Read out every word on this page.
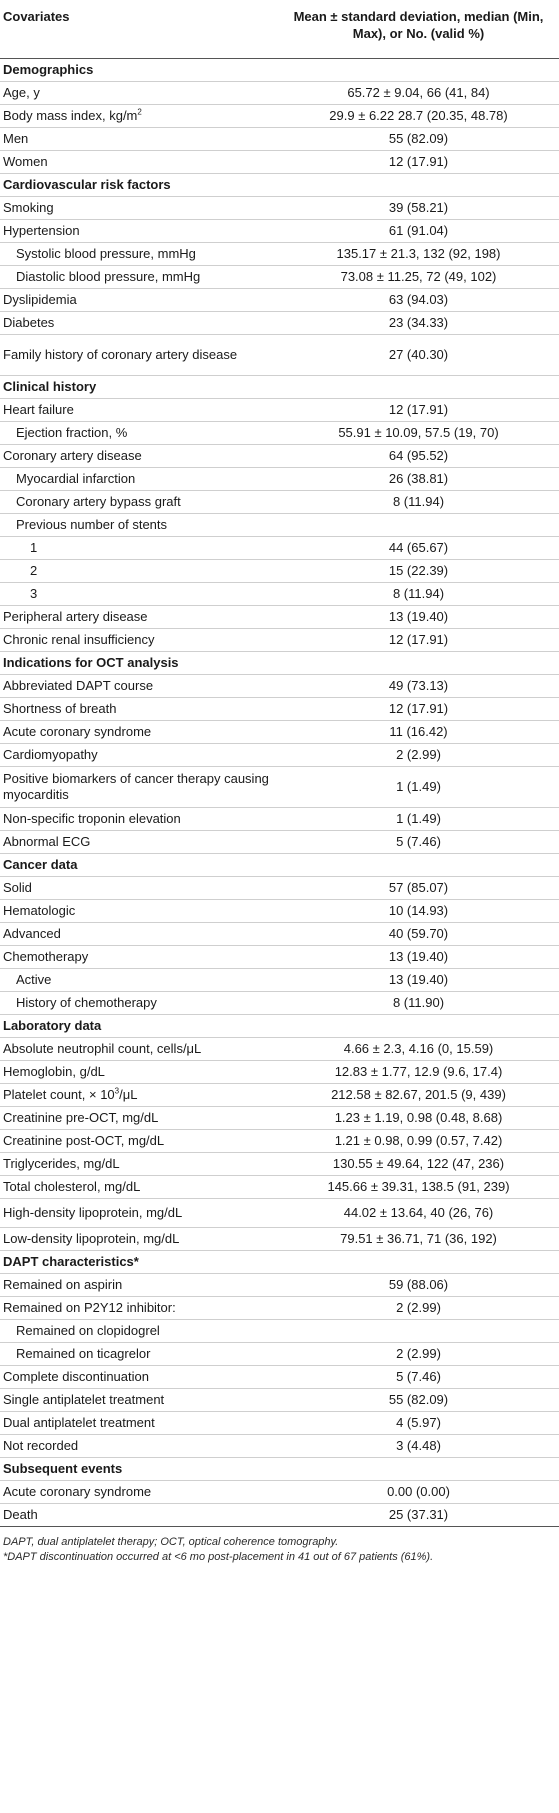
Covariates	Mean ± standard deviation, median (Min, Max), or No. (valid %)
Demographics	
Age, y	65.72 ± 9.04, 66 (41, 84)
Body mass index, $kg/m^2$	29.9 ± 6.22 28.7 (20.35, 48.78)
Men	55 (82.09)
Women	12 (17.91)
Cardiovascular risk factors	
Smoking	39 (58.21)
Hypertension	61 (91.04)
Systolic blood pressure, mmHg	135.17 ± 21.3, 132 (92, 198)
Diastolic blood pressure, mmHg	73.08 ± 11.25, 72 (49, 102)
Dyslipidemia	63 (94.03)
Diabetes	23 (34.33)
Family history of coronary artery disease	27 (40.30)
Clinical history	
Heart failure	12 (17.91)
Ejection fraction, %	55.91 ± 10.09, 57.5 (19, 70)
Coronary artery disease	64 (95.52)
Myocardial infarction	26 (38.81)
Coronary artery bypass graft	8 (11.94)
Previous number of stents	
1	44 (65.67)
2	15 (22.39)
3	8 (11.94)
Peripheral artery disease	13 (19.40)
Chronic renal insufficiency	12 (17.91)
Indications for OCT analysis	
Abbreviated DAPT course	49 (73.13)
Shortness of breath	12 (17.91)
Acute coronary syndrome	11 (16.42)
Cardiomyopathy	2 (2.99)
Positive biomarkers of cancer therapy causing myocarditis	1 (1.49)
Non-specific troponin elevation	1 (1.49)
Abnormal ECG	5 (7.46)
Cancer data	
Solid	57 (85.07)
Hematologic	10 (14.93)
Advanced	40 (59.70)
Chemotherapy	13 (19.40)
Active	13 (19.40)
History of chemotherapy	8 (11.90)
Laboratory data	
Absolute neutrophil count, cells/μL	4.66 ± 2.3, 4.16 (0, 15.59)
Hemoglobin, g/dL	12.83 ± 1.77, 12.9 (9.6, 17.4)
Platelet count, × $10^3/\mu L$	212.58 ± 82.67, 201.5 (9, 439)
Creatinine pre-OCT, mg/dL	1.23 ± 1.19, 0.98 (0.48, 8.68)
Creatinine post-OCT, mg/dL	1.21 ± 0.98, 0.99 (0.57, 7.42)
Triglycerides, mg/dL	130.55 ± 49.64, 122 (47, 236)
Total cholesterol, mg/dL	145.66 ± 39.31, 138.5 (91, 239)
High-density lipoprotein, mg/dL	44.02 ± 13.64, 40 (26, 76)
Low-density lipoprotein, mg/dL	79.51 ± 36.71, 71 (36, 192)
DAPT characteristics*	
Remained on aspirin	59 (88.06)
Remained on P2Y12 inhibitor:	2 (2.99)
Remained on clopidogrel	
Remained on ticagrelor	2 (2.99)
Complete discontinuation	5 (7.46)
Single antiplatelet treatment	55 (82.09)
Dual antiplatelet treatment	4 (5.97)
Not recorded	3 (4.48)
Subsequent events	
Acute coronary syndrome	0.00 (0.00)
Death	25 (37.31)
DAPT, dual antiplatelet therapy; OCT, optical coherence tomography.
*DAPT discontinuation occurred at <6 mo post-placement in 41 out of 67 patients (61%).
